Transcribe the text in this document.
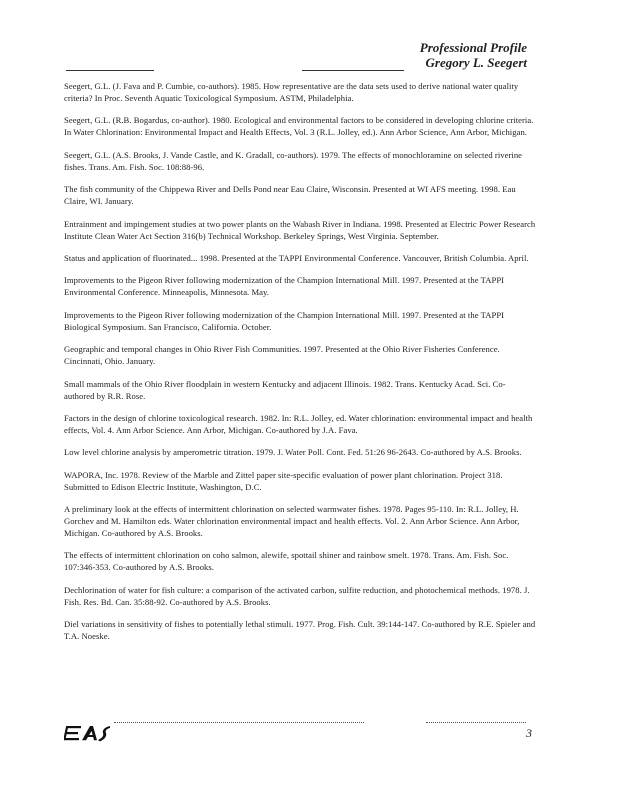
Professional Profile
Gregory L. Seegert

Seegert, G.L. (J. Fava and P. Cumbie, co-authors). 1985. How representative are the data sets used to derive national water quality criteria? In Proc. Seventh Aquatic Toxicological Symposium. ASTM, Philadelphia.

Seegert, G.L. (R.B. Bogardus, co-author). 1980. Ecological and environmental factors to be considered in developing chlorine criteria. In Water Chlorination: Environmental Impact and Health Effects, Vol. 3 (R.L. Jolley, ed.). Ann Arbor Science, Ann Arbor, Michigan.

Seegert, G.L. (A.S. Brooks, J. Vande Castle, and K. Gradall, co-authors). 1979. The effects of monochloramine on selected riverine fishes. Trans. Am. Fish. Soc. 108:88-96.

The fish community of the Chippewa River and Dells Pond near Eau Claire, Wisconsin. Presented at WI AFS meeting. 1998. Eau Claire, WI. January.

Entrainment and impingement studies at two power plants on the Wabash River in Indiana. 1998. Presented at Electric Power Research Institute Clean Water Act Section 316(b) Technical Workshop. Berkeley Springs, West Virginia. September.

Status and application of fluorinated... 1998. Presented at the TAPPI Environmental Conference. Vancouver, British Columbia. April.

Improvements to the Pigeon River following modernization of the Champion International Mill. 1997. Presented at the TAPPI Environmental Conference. Minneapolis, Minnesota. May.

Improvements to the Pigeon River following modernization of the Champion International Mill. 1997. Presented at the TAPPI Biological Symposium. San Francisco, California. October.

Geographic and temporal changes in Ohio River Fish Communities. 1997. Presented at the Ohio River Fisheries Conference. Cincinnati, Ohio. January.

Small mammals of the Ohio River floodplain in western Kentucky and adjacent Illinois. 1982. Trans. Kentucky Acad. Sci. Co-authored by R.R. Rose.

Factors in the design of chlorine toxicological research. 1982. In: R.L. Jolley, ed. Water chlorination: environmental impact and health effects, Vol. 4. Ann Arbor Science. Ann Arbor, Michigan. Co-authored by J.A. Fava.

Low level chlorine analysis by amperometric titration. 1979. J. Water Poll. Cont. Fed. 51:26 96-2643. Co-authored by A.S. Brooks.

WAPORA, Inc. 1978. Review of the Marble and Zittel paper site-specific evaluation of power plant chlorination. Project 318. Submitted to Edison Electric Institute, Washington, D.C.

A preliminary look at the effects of intermittent chlorination on selected warmwater fishes. 1978. Pages 95-110. In: R.L. Jolley, H. Gorchev and M. Hamilton eds. Water chlorination environmental impact and health effects. Vol. 2. Ann Arbor Science. Ann Arbor, Michigan. Co-authored by A.S. Brooks.

The effects of intermittent chlorination on coho salmon, alewife, spottail shiner and rainbow smelt. 1978. Trans. Am. Fish. Soc. 107:346-353. Co-authored by A.S. Brooks.

Dechlorination of water for fish culture: a comparison of the activated carbon, sulfite reduction, and photochemical methods. 1978. J. Fish. Res. Bd. Can. 35:88-92. Co-authored by A.S. Brooks.

Diel variations in sensitivity of fishes to potentially lethal stimuli. 1977. Prog. Fish. Cult. 39:144-147. Co-authored by R.E. Spieler and T.A. Noeske.

3
